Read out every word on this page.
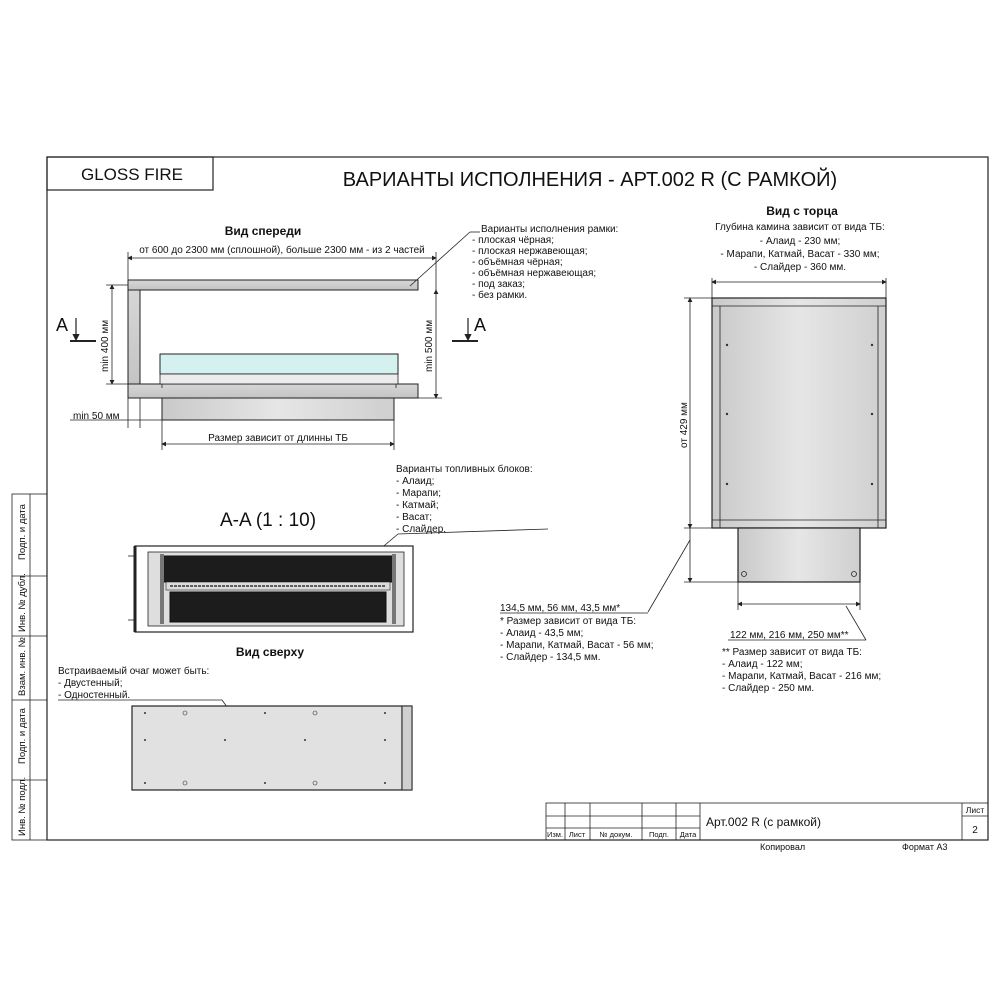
GLOSS FIRE	ВАРИАНТЫ ИСПОЛНЕНИЯ - АРТ.002 R (С РАМКОЙ)
Подп. и дата
Инв. № дубл.
Взам. инв. №
Подп. и дата
Инв. № подл.
Вид спереди
от 600 до 2300 мм (сплошной), больше 2300 мм - из 2 частей
min 400 мм	min 500 мм
min 50 мм
Размер зависит от длинны ТБ
A	A
Варианты исполнения рамки:
- плоская чёрная;
- плоская нержавеющая;
- объёмная чёрная;
- объёмная нержавеющая;
- под заказ;
- без рамки.
Вид с торца
Глубина камина зависит от вида ТБ:
- Алаид - 230 мм;
- Марапи, Катмай, Васат - 330 мм;
- Слайдер - 360 мм.
от 429 мм
Варианты топливных блоков:
- Алаид;
- Марапи;
- Катмай;
- Васат;
- Слайдер.
A-A (1 : 10)
134,5 мм, 56 мм, 43,5 мм*
* Размер зависит от вида ТБ:
- Алаид - 43,5 мм;
- Марапи, Катмай, Васат - 56 мм;
- Слайдер - 134,5 мм.
122 мм, 216 мм, 250 мм**
** Размер зависит от вида ТБ:
- Алаид - 122 мм;
- Марапи, Катмай, Васат - 216 мм;
- Слайдер - 250 мм.
Вид сверху
Встраиваемый очаг может быть:
- Двустенный;
- Одностенный.
Изм. Лист № докум. Подп. Дата
Арт.002 R (с рамкой)
Лист
2
Копировал	Формат А3
